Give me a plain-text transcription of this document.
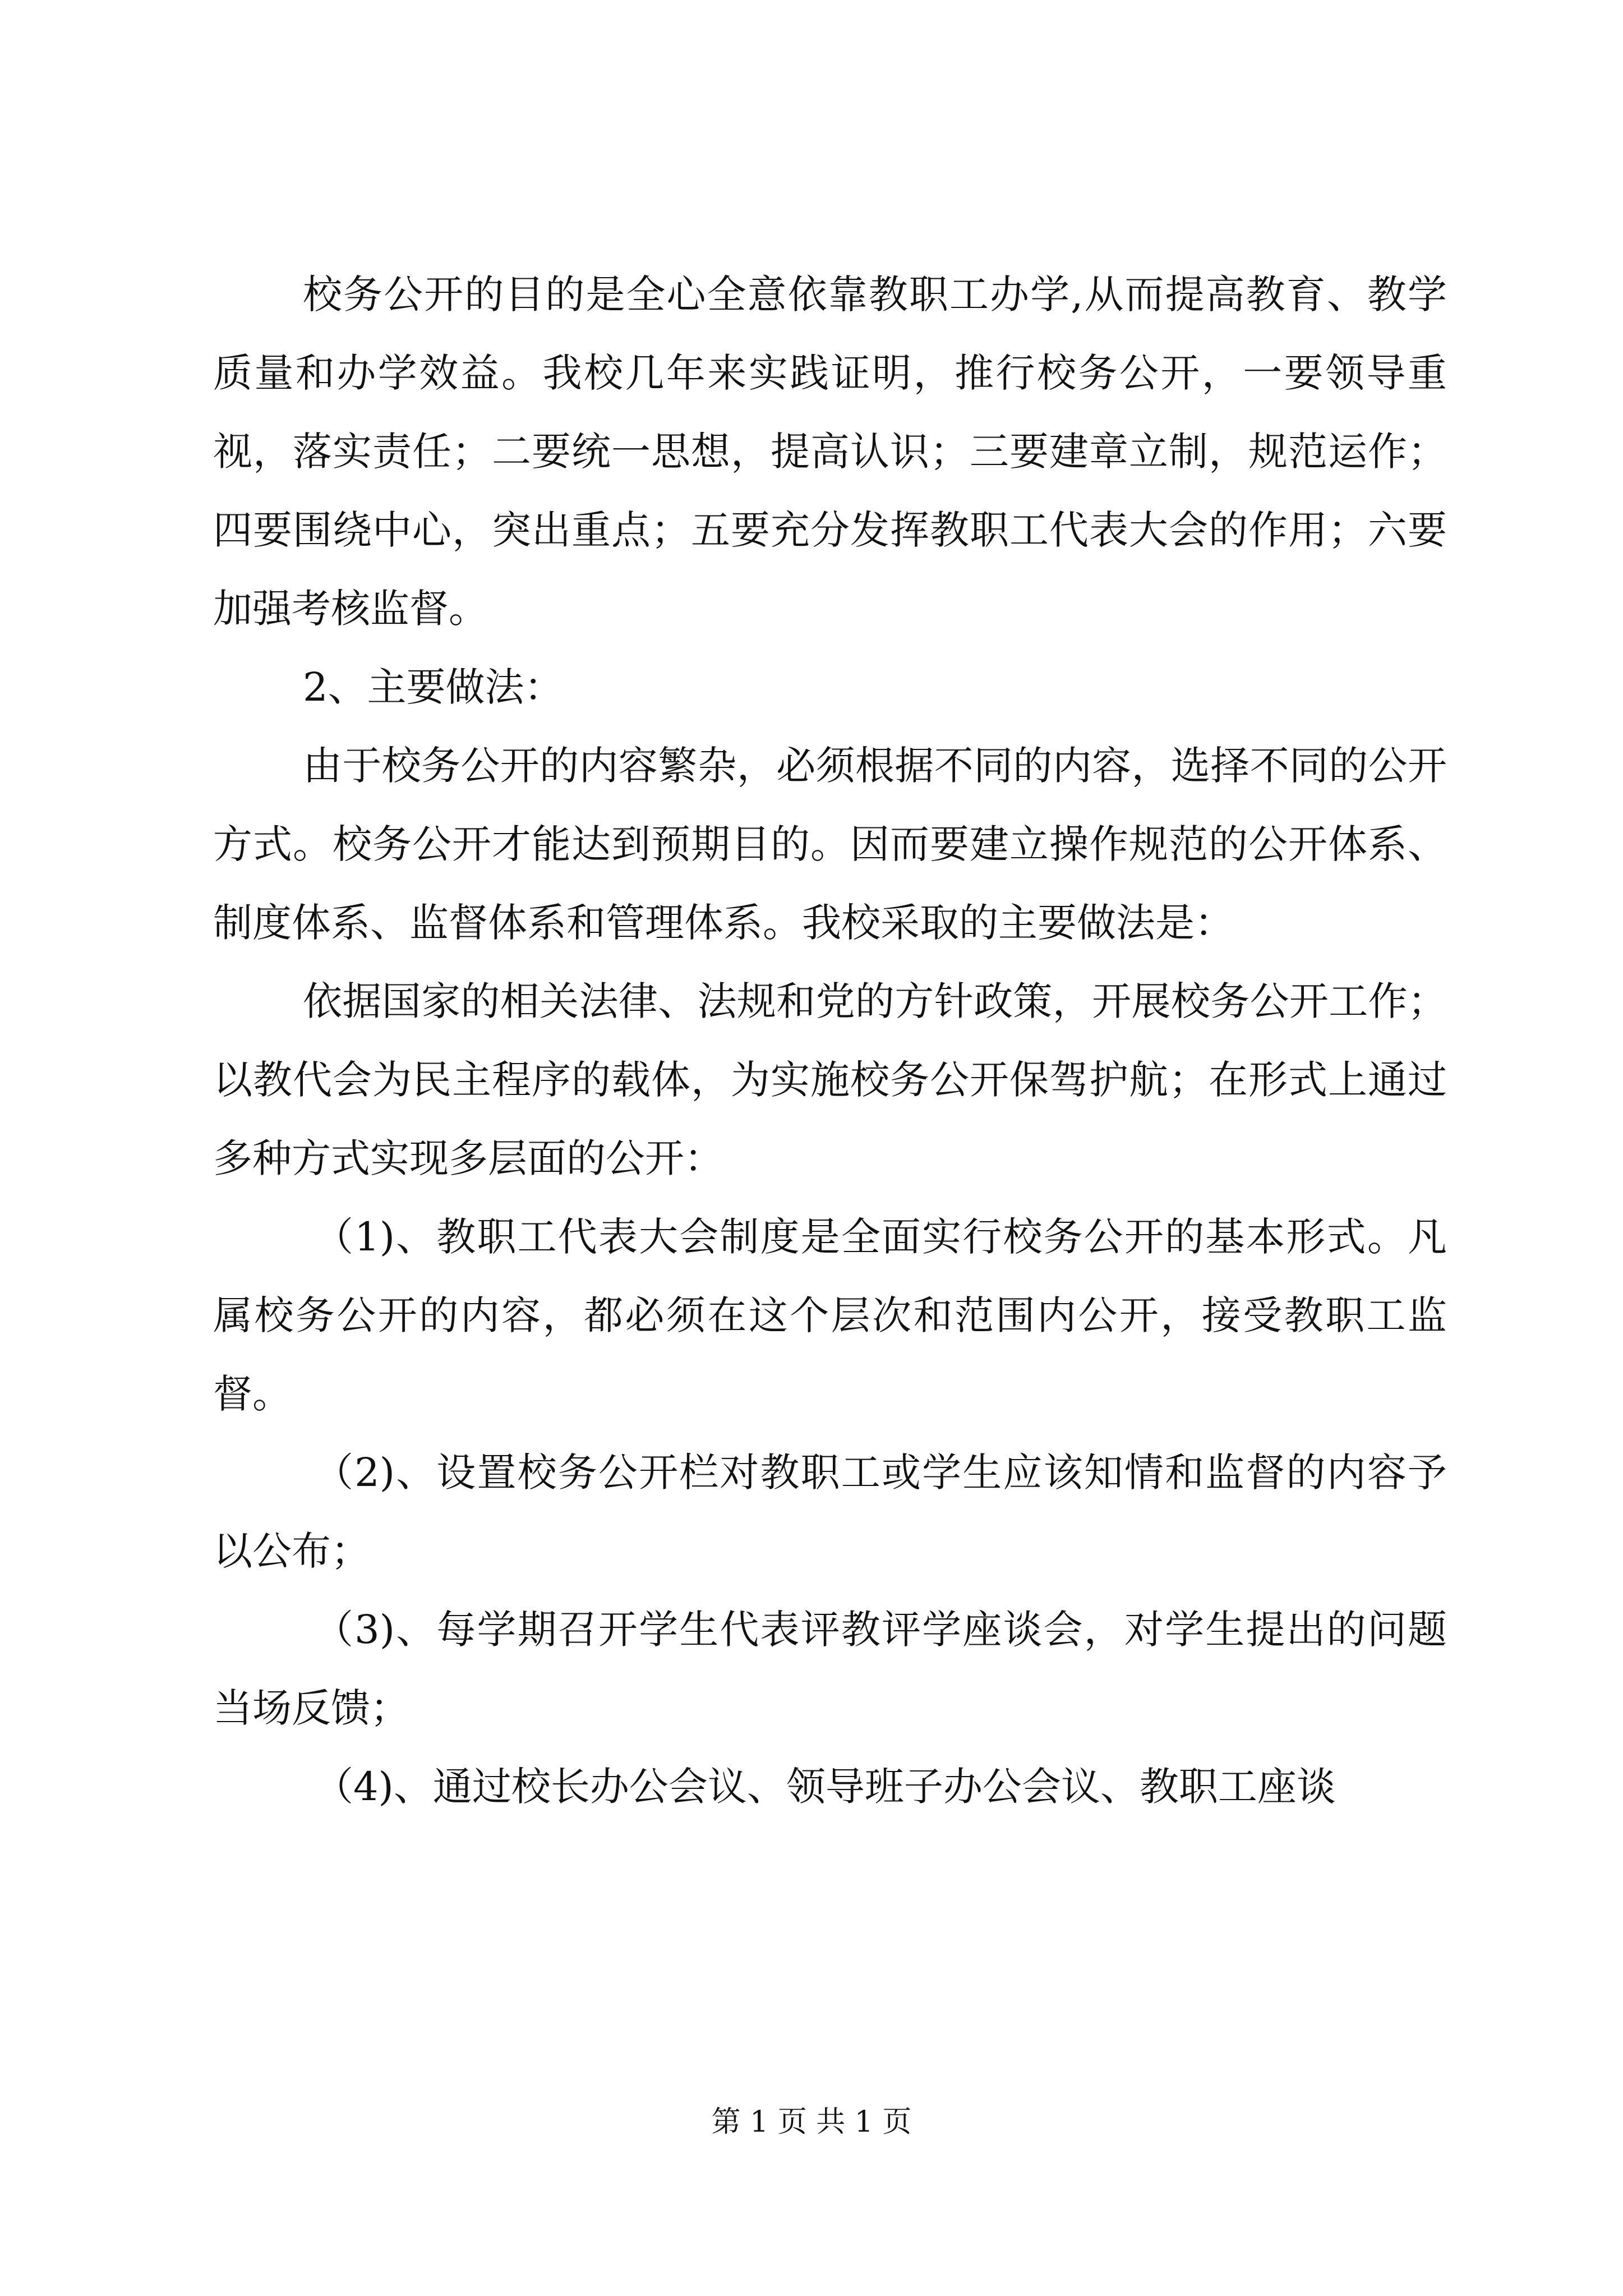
校务公开的目的是全心全意依靠教职工办学,从而提高教育、教学质量和办学效益。我校几年来实践证明，推行校务公开，一要领导重视，落实责任；二要统一思想，提高认识；三要建章立制，规范运作；四要围绕中心，突出重点；五要充分发挥教职工代表大会的作用；六要加强考核监督。

2、主要做法：

由于校务公开的内容繁杂，必须根据不同的内容，选择不同的公开方式。校务公开才能达到预期目的。因而要建立操作规范的公开体系、制度体系、监督体系和管理体系。我校采取的主要做法是：

依据国家的相关法律、法规和党的方针政策，开展校务公开工作；以教代会为民主程序的载体，为实施校务公开保驾护航；在形式上通过多种方式实现多层面的公开：

（1)、教职工代表大会制度是全面实行校务公开的基本形式。凡属校务公开的内容，都必须在这个层次和范围内公开，接受教职工监督。

（2)、设置校务公开栏对教职工或学生应该知情和监督的内容予以公布；

（3)、每学期召开学生代表评教评学座谈会，对学生提出的问题当场反馈；

（4)、通过校长办公会议、领导班子办公会议、教职工座谈

第 1 页 共 1 页
